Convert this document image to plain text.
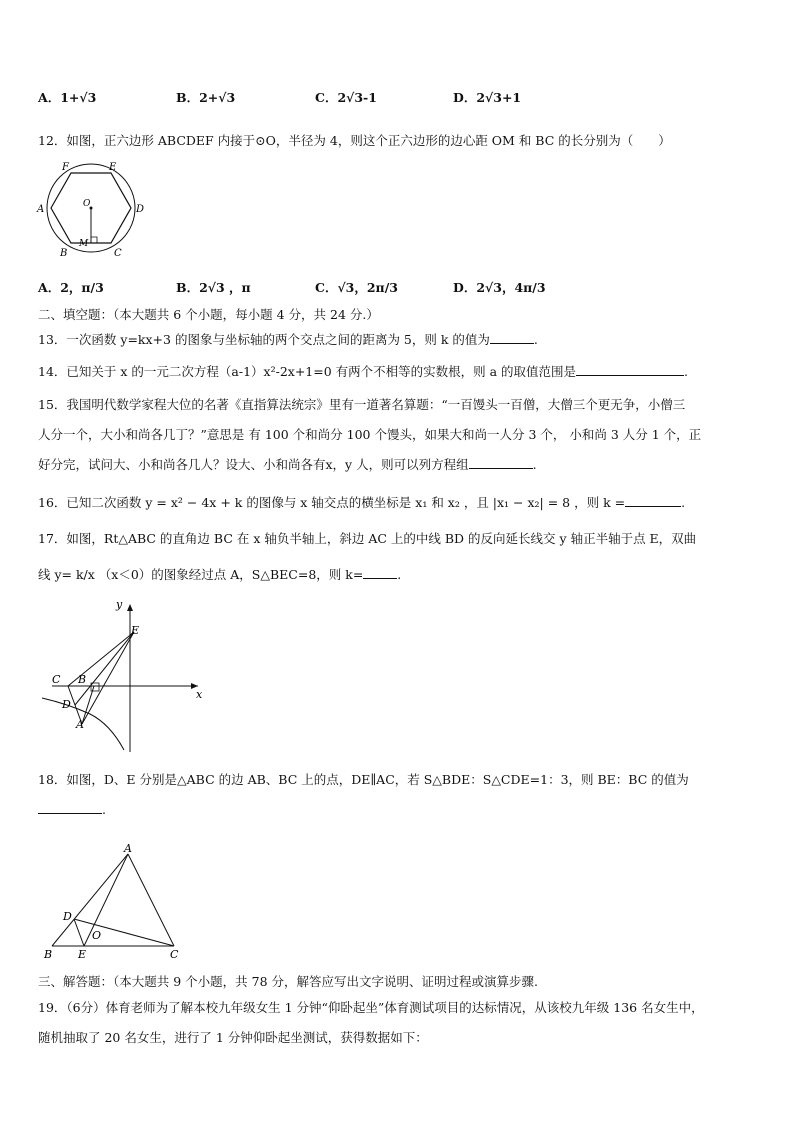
A．1+√3	B．2+√3	C．2√3-1	D．2√3+1
12．如图，正六边形 ABCDEF 内接于⊙O，半径为 4，则这个正六边形的边心距 OM 和 BC 的长分别为（　　）
F	E
A	O	D
M
B	C
A．2，π/3	B．2√3 ，π	C．√3，2π/3	D．2√3，4π/3
二、填空题：（本大题共 6 个小题，每小题 4 分，共 24 分.）
13．一次函数 y=kx+3 的图象与坐标轴的两个交点之间的距离为 5，则 k 的值为	.
14．已知关于 x 的一元二次方程（a-1）x²-2x+1=0 有两个不相等的实数根，则 a 的取值范围是	.
15．我国明代数学家程大位的名著《直指算法统宗》里有一道著名算题：“一百馒头一百僧，大僧三个更无争，小僧三
人分一个，大小和尚各几丁？”意思是 有 100 个和尚分 100 个馒头，如果大和尚一人分 3 个， 小和尚 3 人分 1 个，正
好分完，试问大、小和尚各几人？设大、小和尚各有x，y 人，则可以列方程组	.
16．已知二次函数 y = x² − 4x + k 的图像与 x 轴交点的横坐标是 x₁ 和 x₂ ，且 |x₁ − x₂| = 8 ，则 k =	.
17．如图，Rt△ABC 的直角边 BC 在 x 轴负半轴上，斜边 AC 上的中线 BD 的反向延长线交 y 轴正半轴于点 E，双曲
线 y= k/x （x＜0）的图象经过点 A，S△BEC=8，则 k=	.
y
E
C B
D
A
x
18．如图，D、E 分别是△ABC 的边 AB、BC 上的点，DE∥AC，若 S△BDE：S△CDE=1：3，则 BE：BC 的值为
.
A
D
O
B E	C
三、解答题：（本大题共 9 个小题，共 78 分，解答应写出文字说明、证明过程或演算步骤.
19．（6分）体育老师为了解本校九年级女生 1 分钟“仰卧起坐”体育测试项目的达标情况，从该校九年级 136 名女生中，
随机抽取了 20 名女生，进行了 1 分钟仰卧起坐测试，获得数据如下：
